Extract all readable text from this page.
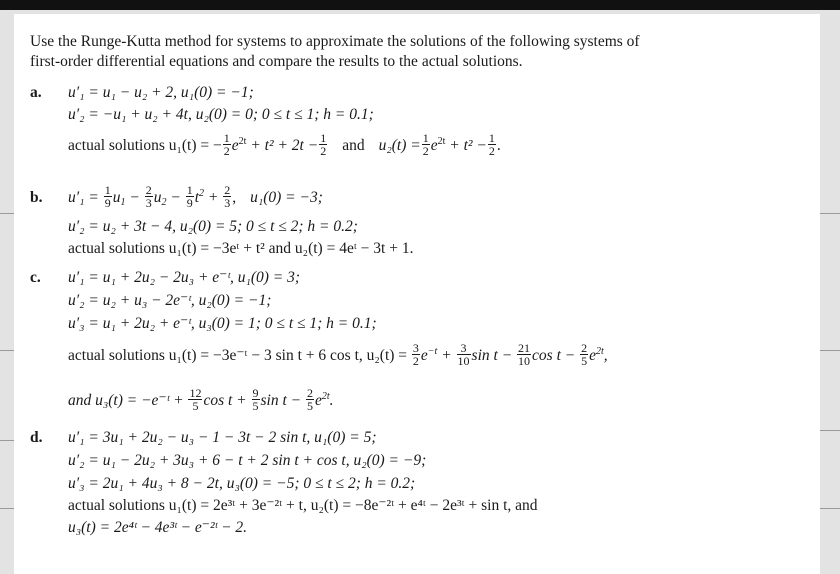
Use the Runge-Kutta method for systems to approximate the solutions of the following systems of
first-order differential equations and compare the results to the actual solutions.
a. u′₁ = u₁ − u₂ + 2, u₁(0) = −1;
u′₂ = −u₁ + u₂ + 4t, u₂(0) = 0; 0 ≤ t ≤ 1; h = 0.1;
actual solutions u₁(t) = − $\frac{1}{2} e^{2t} + t^2 + 2t - \frac{1}{2}$ and $u_2(t) = \frac{1}{2} e^{2t} + t^2 - \frac{1}{2}$ .
b. $u'_1 = \frac{1}{9} u_1 - \frac{2}{3} u_2 - \frac{1}{9} t^2 + \frac{2}{3}$ , u₁(0) = −3;
u′₂ = u₂ + 3t − 4, u₂(0) = 5; 0 ≤ t ≤ 2; h = 0.2;
actual solutions u₁(t) = −3eᵗ + t² and u₂(t) = 4eᵗ − 3t + 1.
c. u′₁ = u₁ + 2u₂ − 2u₃ + e⁻ᵗ, u₁(0) = 3;
u′₂ = u₂ + u₃ − 2e⁻ᵗ, u₂(0) = −1;
u′₃ = u₁ + 2u₂ + e⁻ᵗ, u₃(0) = 1; 0 ≤ t ≤ 1; h = 0.1;
actual solutions u₁(t) = −3e⁻ᵗ − 3 sin t + 6 cos t, $u_2(t) = \frac{3}{2} e^{-t} + \frac{3}{10}$ $\sin t - \frac{21}{10}$ $\cos t - \frac{2}{5} e^{2t}$,
and u₃(t) = −e⁻ᵗ + $\frac{12}{5}$ $\cos t + \frac{9}{5}$ $\sin t - \frac{2}{5} e^{2t}$.
d. u′₁ = 3u₁ + 2u₂ − u₃ − 1 − 3t − 2 sin t, u₁(0) = 5;
u′₂ = u₁ − 2u₂ + 3u₃ + 6 − t + 2 sin t + cos t, u₂(0) = −9;
u′₃ = 2u₁ + 4u₃ + 8 − 2t, u₃(0) = −5; 0 ≤ t ≤ 2; h = 0.2;
actual solutions u₁(t) = 2e³ᵗ + 3e⁻²ᵗ + t, u₂(t) = −8e⁻²ᵗ + e⁴ᵗ − 2e³ᵗ + sin t, and
u₃(t) = 2e⁴ᵗ − 4e³ᵗ − e⁻²ᵗ − 2.
